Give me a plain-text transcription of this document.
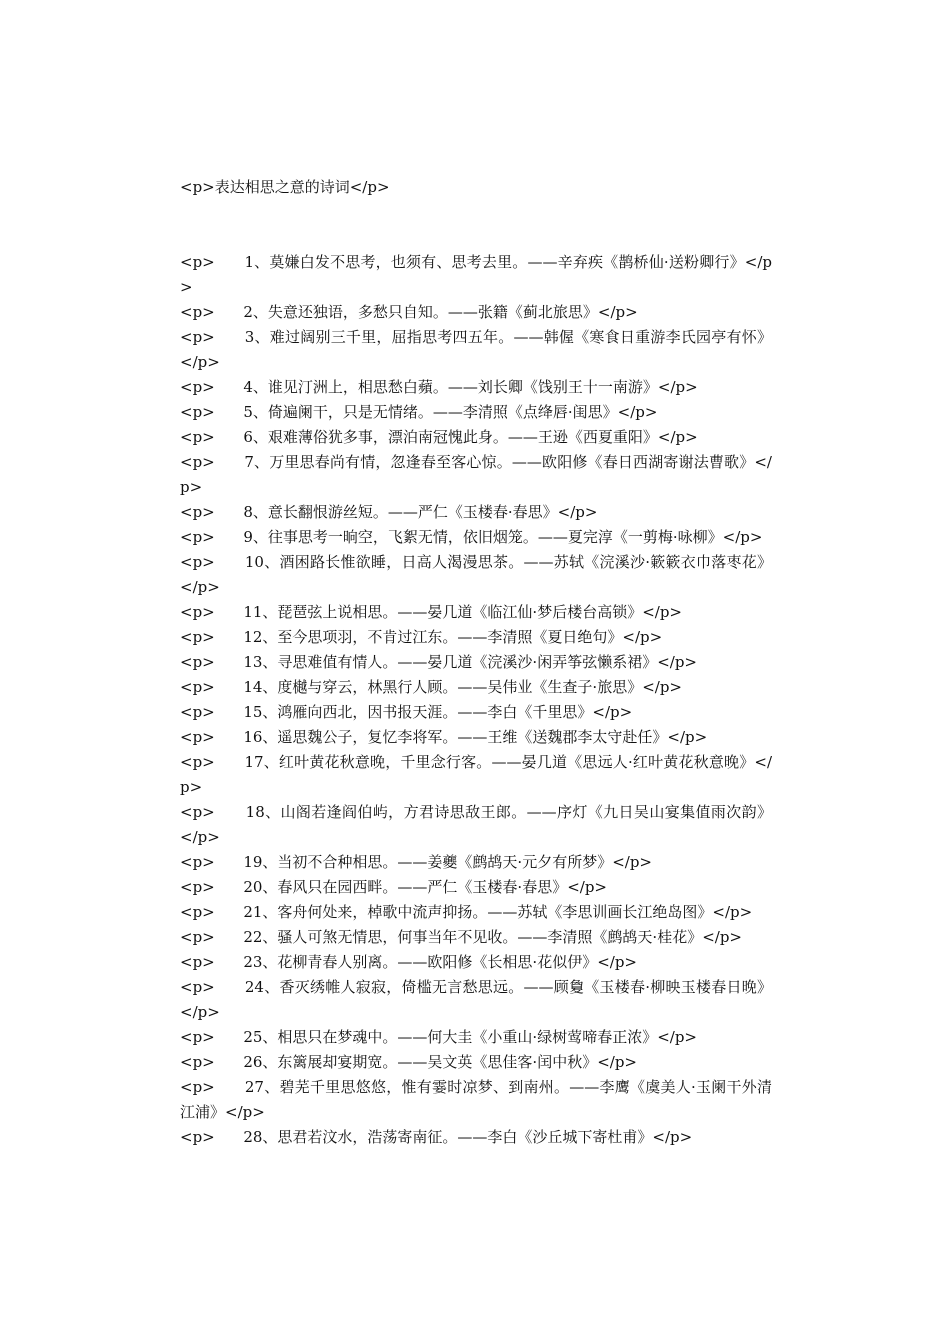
<p>表达相思之意的诗词</p>

<p>      1、莫嫌白发不思考，也须有、思考去里。——辛弃疾《鹊桥仙·送粉卿行》</p>

<p>      2、失意还独语，多愁只自知。——张籍《蓟北旅思》</p>

<p>      3、难过阔别三千里，屈指思考四五年。——韩偓《寒食日重游李氏园亭有怀》</p>

<p>      4、谁见汀洲上，相思愁白蘋。——刘长卿《饯别王十一南游》</p>

<p>      5、倚遍阑干，只是无情绪。——李清照《点绛唇·闺思》</p>

<p>      6、艰难薄俗犹多事，漂泊南冠愧此身。——王逊《西夏重阳》</p>

<p>      7、万里思春尚有情，忽逢春至客心惊。——欧阳修《春日西湖寄谢法曹歌》</p>

<p>      8、意长翻恨游丝短。——严仁《玉楼春·春思》</p>

<p>      9、往事思考一晌空，飞絮无情，依旧烟笼。——夏完淳《一剪梅·咏柳》</p>

<p>      10、酒困路长惟欲睡，日高人渴漫思茶。——苏轼《浣溪沙·簌簌衣巾落枣花》</p>

<p>      11、琵琶弦上说相思。——晏几道《临江仙·梦后楼台高锁》</p>

<p>      12、至今思项羽，不肯过江东。——李清照《夏日绝句》</p>

<p>      13、寻思难值有情人。——晏几道《浣溪沙·闲弄筝弦懒系裙》</p>

<p>      14、度樾与穿云，林黑行人顾。——吴伟业《生查子·旅思》</p>

<p>      15、鸿雁向西北，因书报天涯。——李白《千里思》</p>

<p>      16、遥思魏公子，复忆李将军。——王维《送魏郡李太守赴任》</p>

<p>      17、红叶黄花秋意晚，千里念行客。——晏几道《思远人·红叶黄花秋意晚》</p>

<p>      18、山阁若逢阎伯屿，方君诗思敌王郎。——序灯《九日吴山宴集值雨次韵》</p>

<p>      19、当初不合种相思。——姜夔《鹧鸪天·元夕有所梦》</p>

<p>      20、春风只在园西畔。——严仁《玉楼春·春思》</p>

<p>      21、客舟何处来，棹歌中流声抑扬。——苏轼《李思训画长江绝岛图》</p>

<p>      22、骚人可煞无情思，何事当年不见收。——李清照《鹧鸪天·桂花》</p>

<p>      23、花柳青春人别离。——欧阳修《长相思·花似伊》</p>

<p>      24、香灭绣帷人寂寂，倚槛无言愁思远。——顾敻《玉楼春·柳映玉楼春日晚》</p>

<p>      25、相思只在梦魂中。——何大圭《小重山·绿树莺啼春正浓》</p>

<p>      26、东篱展却宴期宽。——吴文英《思佳客·闰中秋》</p>

<p>      27、碧芜千里思悠悠，惟有霎时凉梦、到南州。——李鹰《虞美人·玉阑干外清江浦》</p>

<p>      28、思君若汶水，浩荡寄南征。——李白《沙丘城下寄杜甫》</p>
